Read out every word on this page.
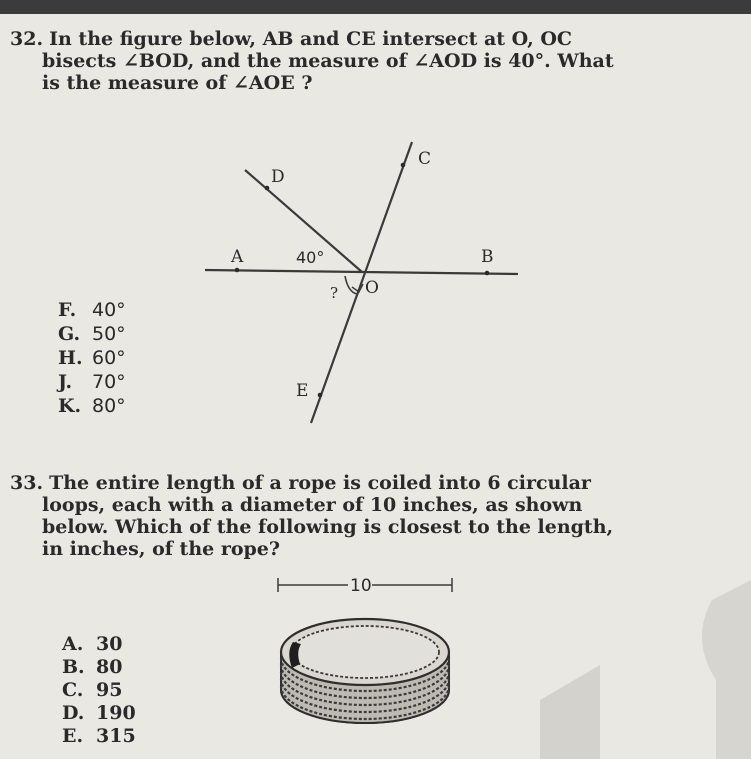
32. In the figure below, AB and CE intersect at O, OC
bisects ∠BOD, and the measure of ∠AOD is 40°. What
is the measure of ∠AOE ?
C
D
A	B
O
E
40°
?
F. 40°
G. 50°
H. 60°
J. 70°
K. 80°
33. The entire length of a rope is coiled into 6 circular
loops, each with a diameter of 10 inches, as shown
below. Which of the following is closest to the length,
in inches, of the rope?
10
A. 30
B. 80
C. 95
D. 190
E. 315
